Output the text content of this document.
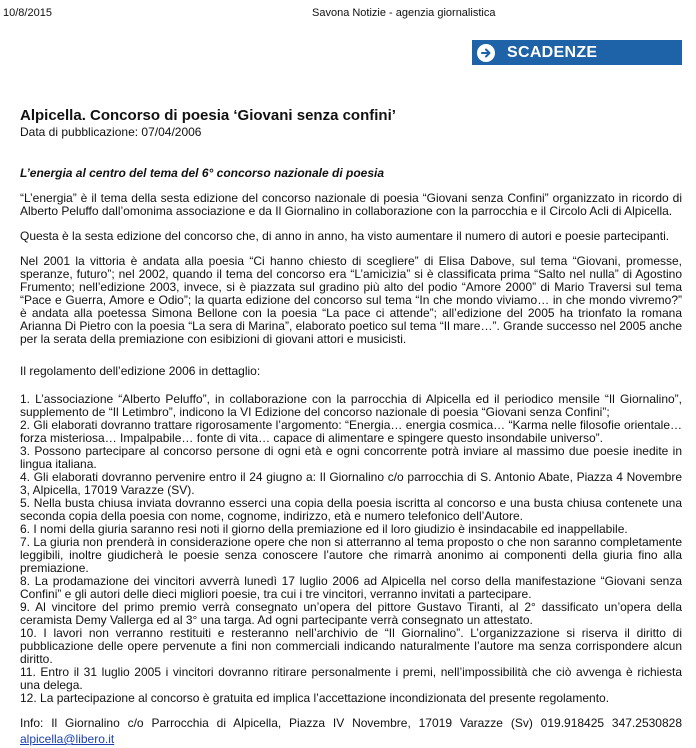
10/8/2015	Savona Notizie - agenzia giornalistica
SCADENZE
Alpicella. Concorso di poesia ‘Giovani senza confini’
Data di pubblicazione: 07/04/2006
L’energia al centro del tema del 6° concorso nazionale di poesia
“L’energia” è il tema della sesta edizione del concorso nazionale di poesia “Giovani senza Confini” organizzato in ricordo di Alberto Peluffo dall’omonima associazione e da Il Giornalino in collaborazione con la parrocchia e il Circolo Acli di Alpicella.
Questa è la sesta edizione del concorso che, di anno in anno, ha visto aumentare il numero di autori e poesie partecipanti.
Nel 2001 la vittoria è andata alla poesia “Ci hanno chiesto di scegliere” di Elisa Dabove, sul tema “Giovani, promesse, speranze, futuro”; nel 2002, quando il tema del concorso era “L’amicizia” si è classificata prima “Salto nel nulla” di Agostino Frumento; nell’edizione 2003, invece, si è piazzata sul gradino più alto del podio “Amore 2000” di Mario Traversi sul tema “Pace e Guerra, Amore e Odio”; la quarta edizione del concorso sul tema “In che mondo viviamo… in che mondo vivremo?” è andata alla poetessa Simona Bellone con la poesia “La pace ci attende”; all’edizione del 2005 ha trionfato la romana Arianna Di Pietro con la poesia “La sera di Marina”, elaborato poetico sul tema “Il mare…”. Grande successo nel 2005 anche per la serata della premiazione con esibizioni di giovani attori e musicisti.
Il regolamento dell’edizione 2006 in dettaglio:

1. L’associazione “Alberto Peluffo”, in collaborazione con la parrocchia di Alpicella ed il periodico mensile “Il Giornalino”, supplemento de “Il Letimbro”, indicono la VI Edizione del concorso nazionale di poesia “Giovani senza Confini”;

2. Gli elaborati dovranno trattare rigorosamente l’argomento: “Energia… energia cosmica… “Karma nelle filosofie orientale… forza misteriosa… Impalpabile… fonte di vita… capace di alimentare e spingere questo insondabile universo”.

3. Possono partecipare al concorso persone di ogni età e ogni concorrente potrà inviare al massimo due poesie inedite in lingua italiana.

4. Gli elaborati dovranno pervenire entro il 24 giugno a: Il Giornalino c/o parrocchia di S. Antonio Abate, Piazza 4 Novembre 3, Alpicella, 17019 Varazze (SV).

5. Nella busta chiusa inviata dovranno esserci una copia della poesia iscritta al concorso e una busta chiusa contenete una seconda copia della poesia con nome, cognome, indirizzo, età e numero telefonico dell’Autore.

6. I nomi della giuria saranno resi noti il giorno della premiazione ed il loro giudizio è insindacabile ed inappellabile.

7. La giuria non prenderà in considerazione opere che non si atterranno al tema proposto o che non saranno completamente leggibili, inoltre giudicherà le poesie senza conoscere l’autore che rimarrà anonimo ai componenti della giuria fino alla premiazione.

8. La prodamazione dei vincitori avverrà lunedì 17 luglio 2006 ad Alpicella nel corso della manifestazione “Giovani senza Confini” e gli autori delle dieci migliori poesie, tra cui i tre vincitori, verranno invitati a partecipare.

9. Al vincitore del primo premio verrà consegnato un’opera del pittore Gustavo Tiranti, al 2° dassificato un’opera della ceramista Demy Vallerga ed al 3° una targa. Ad ogni partecipante verrà consegnato un attestato.

10. I lavori non verranno restituiti e resteranno nell’archivio de “Il Giornalino”. L’organizzazione si riserva il diritto di pubblicazione delle opere pervenute a fini non commerciali indicando naturalmente l’autore ma senza corrispondere alcun diritto.

11. Entro il 31 luglio 2005 i vincitori dovranno ritirare personalmente i premi, nell’impossibilità che ciò avvenga è richiesta una delega.

12. La partecipazione al concorso è gratuita ed implica l’accettazione incondizionata del presente regolamento.

Info: Il Giornalino c/o Parrocchia di Alpicella, Piazza IV Novembre, 17019 Varazze (Sv) 019.918425 347.2530828
alpicella@libero.it
